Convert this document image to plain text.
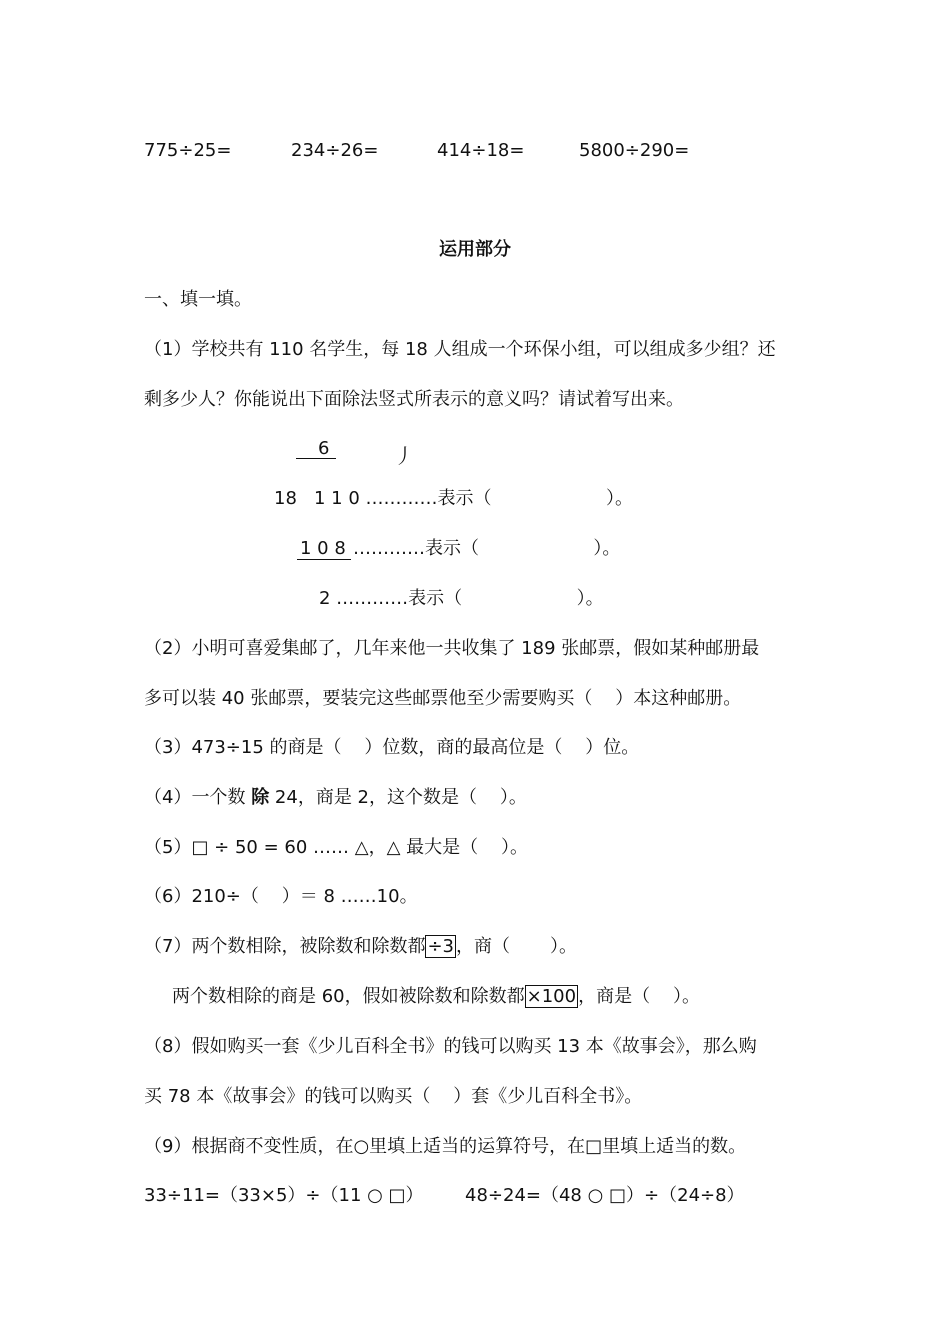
775÷25=	234÷26=	414÷18=	5800÷290=
运用部分
一、填一填。
（1）学校共有 110 名学生，每 18 人组成一个环保小组，可以组成多少组？还
剩多少人？你能说出下面除法竖式所表示的意义吗？请试着写出来。
6	丿
18 1 1 0 …………表示（                    ）。
1 0 8 …………表示（                    ）。
2 …………表示（                    ）。
（2）小明可喜爱集邮了，几年来他一共收集了 189 张邮票，假如某种邮册最
多可以装 40 张邮票，要装完这些邮票他至少需要购买（    ）本这种邮册。
（3）473÷15 的商是（    ）位数，商的最高位是（    ）位。
（4）一个数 除 24，商是 2，这个数是（    ）。
（5）□ ÷ 50 = 60 …… △，△ 最大是（    ）。
（6）210÷（    ）＝ 8 ……10。
（7）两个数相除，被除数和除数都 ÷3 ，商（       ）。
两个数相除的商是 60，假如被除数和除数都 ×100 ，商是（    ）。
（8）假如购买一套《少儿百科全书》的钱可以购买 13 本《故事会》，那么购
买 78 本《故事会》的钱可以购买（    ）套《少儿百科全书》。
（9）根据商不变性质，在○里填上适当的运算符号，在□里填上适当的数。
33÷11=（33×5）÷（11 ○ □） 48÷24=（48 ○ □）÷（24÷8）
